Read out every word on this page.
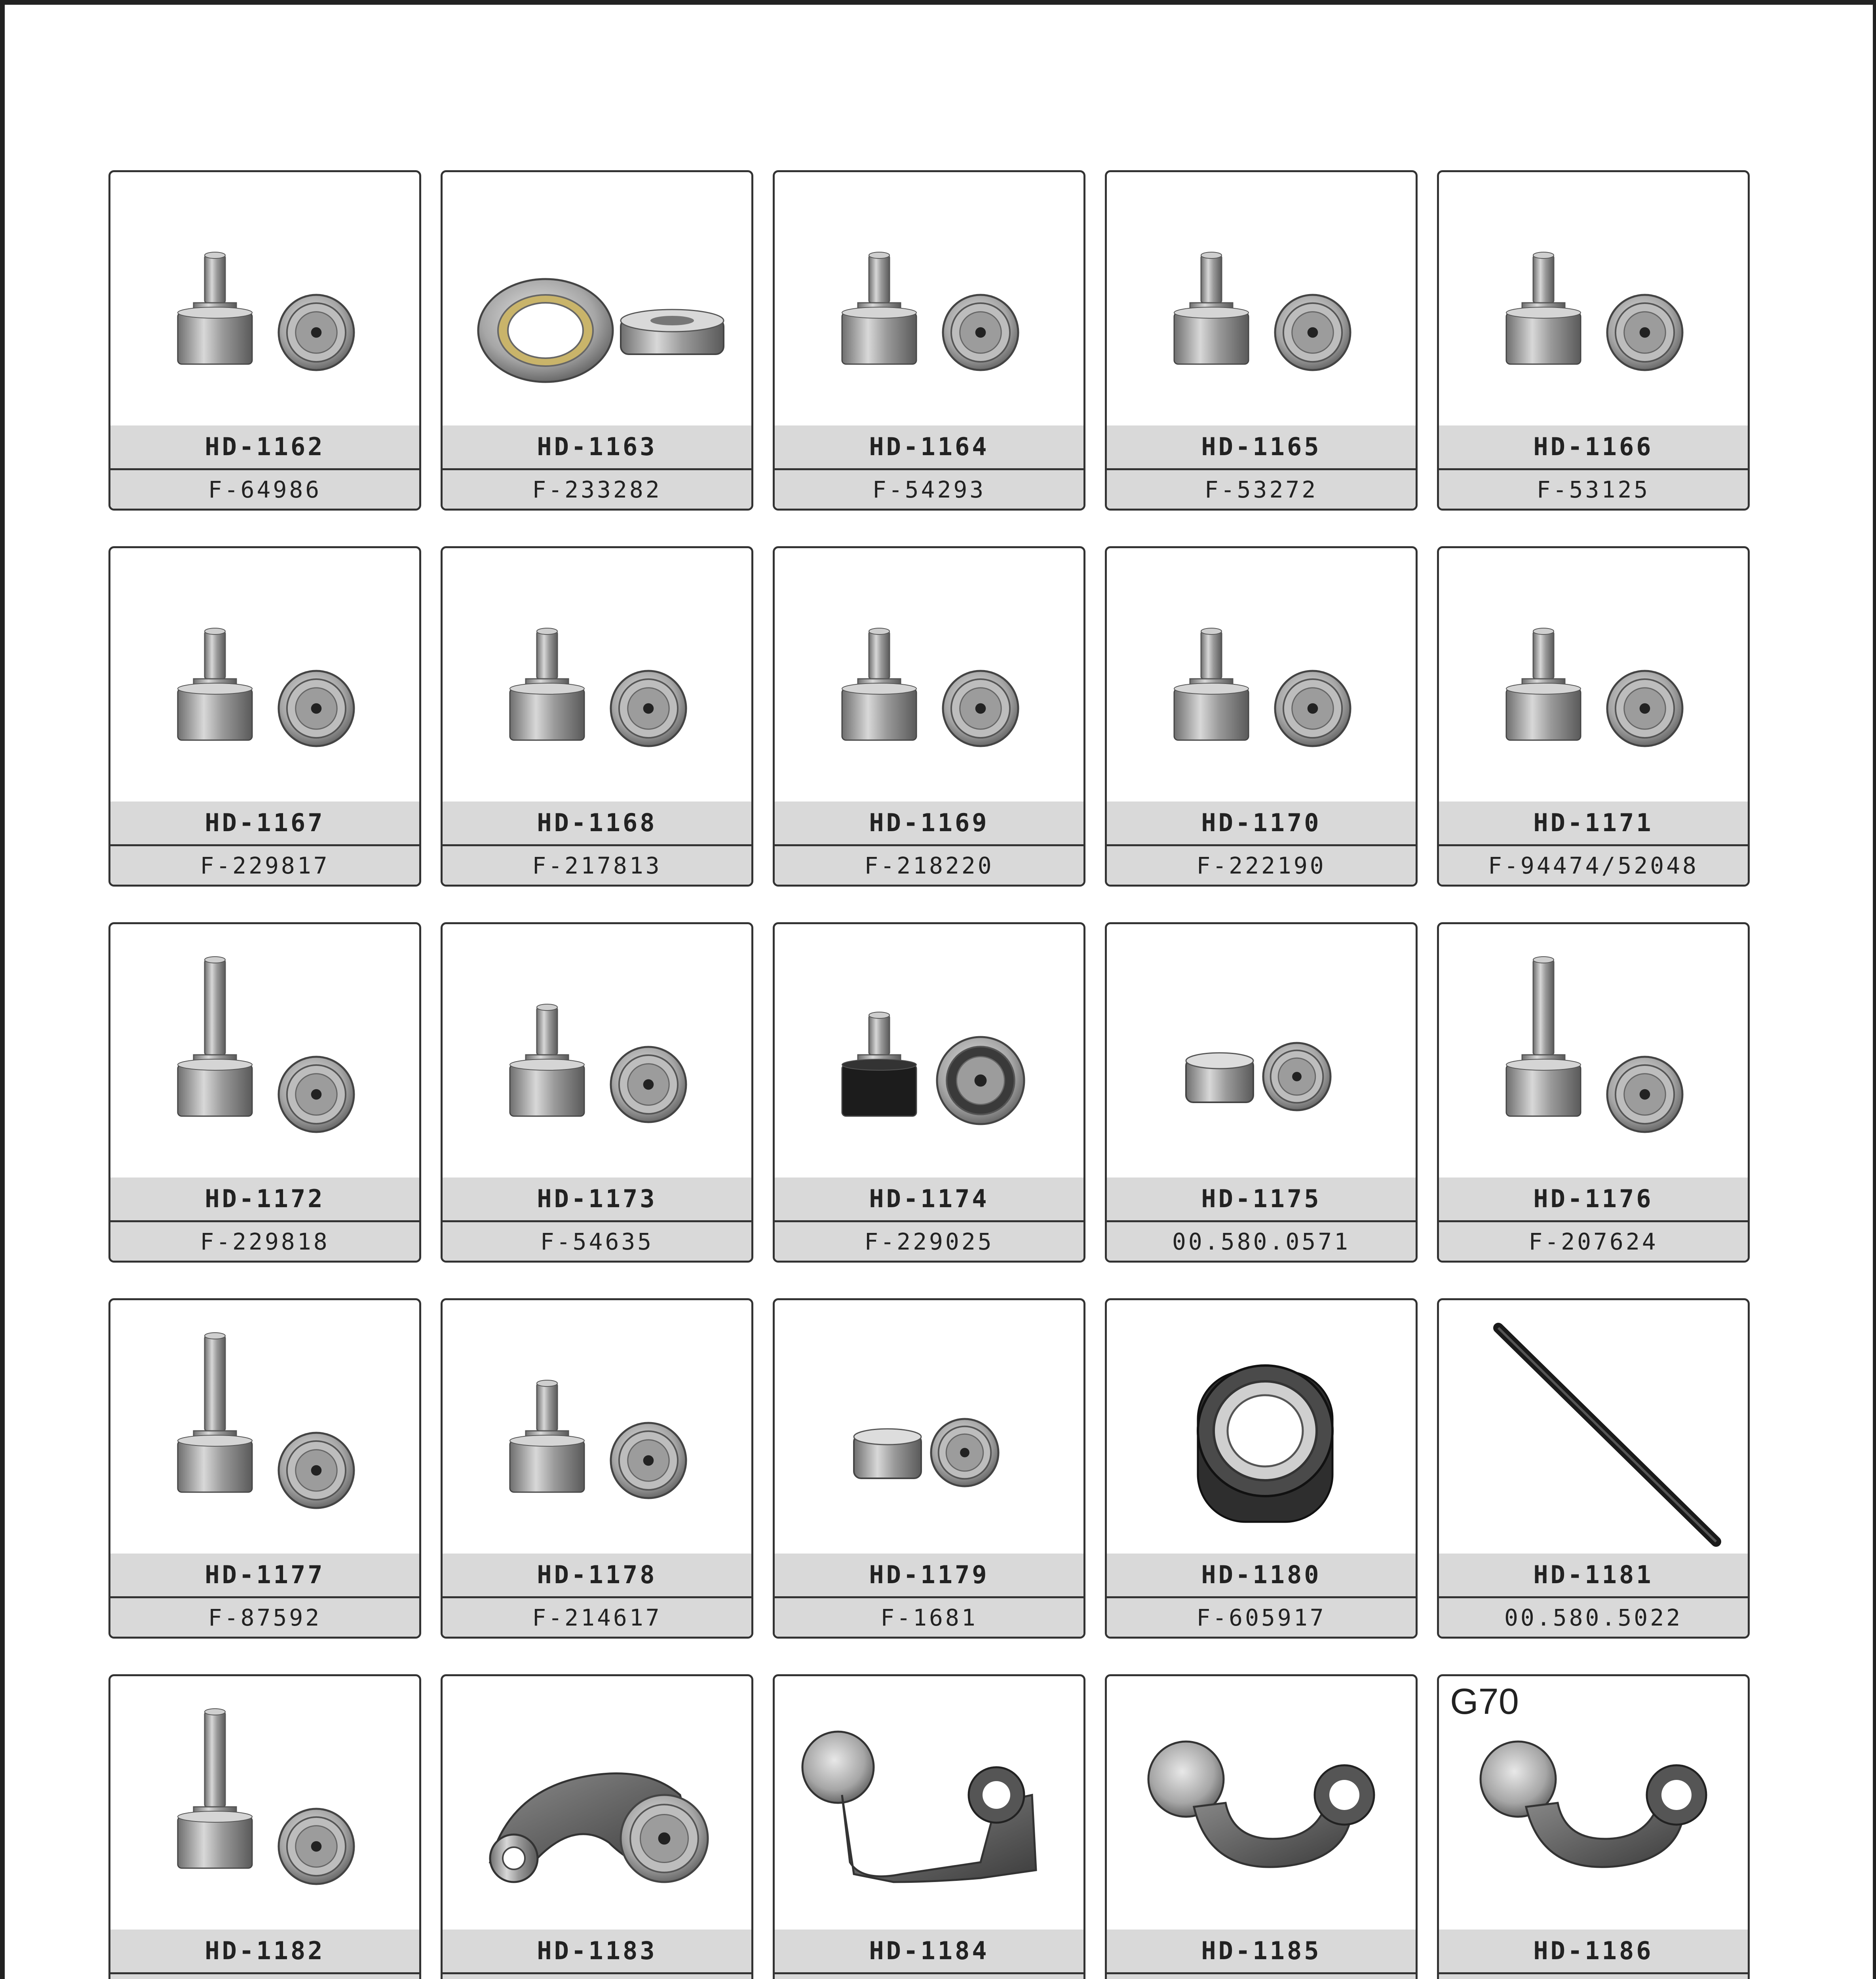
HD-1162
F-64986
HD-1163
F-233282
HD-1164
F-54293
HD-1165
F-53272
HD-1166
F-53125
HD-1167
F-229817
HD-1168
F-217813
HD-1169
F-218220
HD-1170
F-222190
HD-1171
F-94474/52048
HD-1172
F-229818
HD-1173
F-54635
HD-1174
F-229025
HD-1175
00.580.0571
HD-1176
F-207624
HD-1177
F-87592
HD-1178
F-214617
HD-1179
F-1681
HD-1180
F-605917
HD-1181
00.580.5022
HD-1182	HD-1183	HD-1184	HD-1185
G70
HD-1186
